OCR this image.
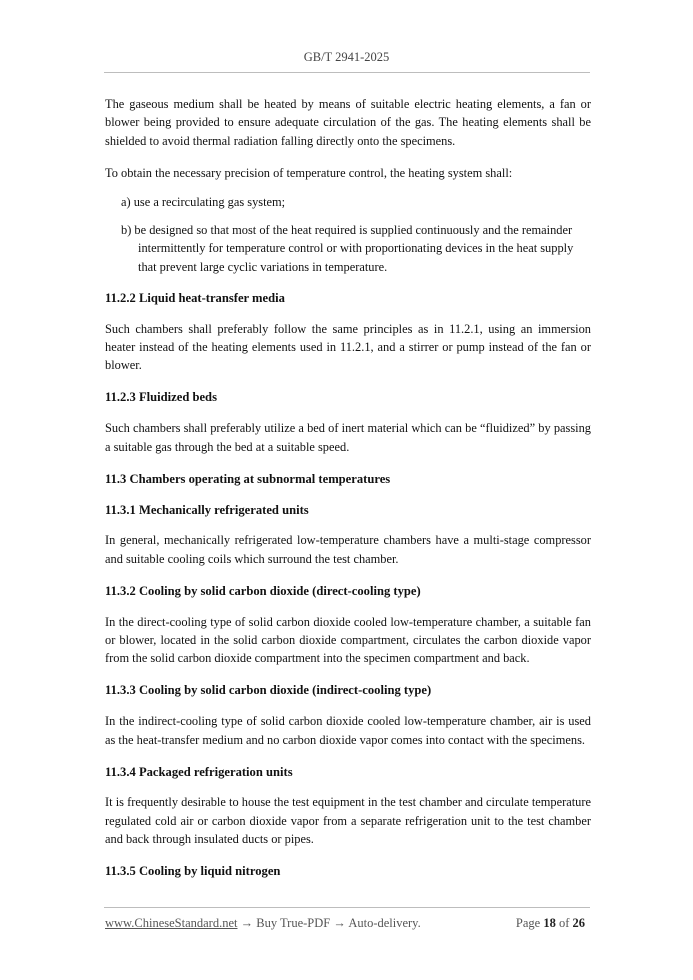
GB/T 2941-2025

The gaseous medium shall be heated by means of suitable electric heating elements, a fan or blower being provided to ensure adequate circulation of the gas. The heating elements shall be shielded to avoid thermal radiation falling directly onto the specimens.

To obtain the necessary precision of temperature control, the heating system shall:

a) use a recirculating gas system;

b) be designed so that most of the heat required is supplied continuously and the remainder intermittently for temperature control or with proportionating devices in the heat supply that prevent large cyclic variations in temperature.

11.2.2 Liquid heat-transfer media

Such chambers shall preferably follow the same principles as in 11.2.1, using an immersion heater instead of the heating elements used in 11.2.1, and a stirrer or pump instead of the fan or blower.

11.2.3 Fluidized beds

Such chambers shall preferably utilize a bed of inert material which can be “fluidized” by passing a suitable gas through the bed at a suitable speed.

11.3 Chambers operating at subnormal temperatures
11.3.1 Mechanically refrigerated units

In general, mechanically refrigerated low-temperature chambers have a multi-stage compressor and suitable cooling coils which surround the test chamber.

11.3.2 Cooling by solid carbon dioxide (direct-cooling type)

In the direct-cooling type of solid carbon dioxide cooled low-temperature chamber, a suitable fan or blower, located in the solid carbon dioxide compartment, circulates the carbon dioxide vapor from the solid carbon dioxide compartment into the specimen compartment and back.

11.3.3 Cooling by solid carbon dioxide (indirect-cooling type)

In the indirect-cooling type of solid carbon dioxide cooled low-temperature chamber, air is used as the heat-transfer medium and no carbon dioxide vapor comes into contact with the specimens.

11.3.4 Packaged refrigeration units

It is frequently desirable to house the test equipment in the test chamber and circulate temperature regulated cold air or carbon dioxide vapor from a separate refrigeration unit to the test chamber and back through insulated ducts or pipes.

11.3.5 Cooling by liquid nitrogen
www.ChineseStandard.net → Buy True-PDF → Auto-delivery.	Page 18 of 26
